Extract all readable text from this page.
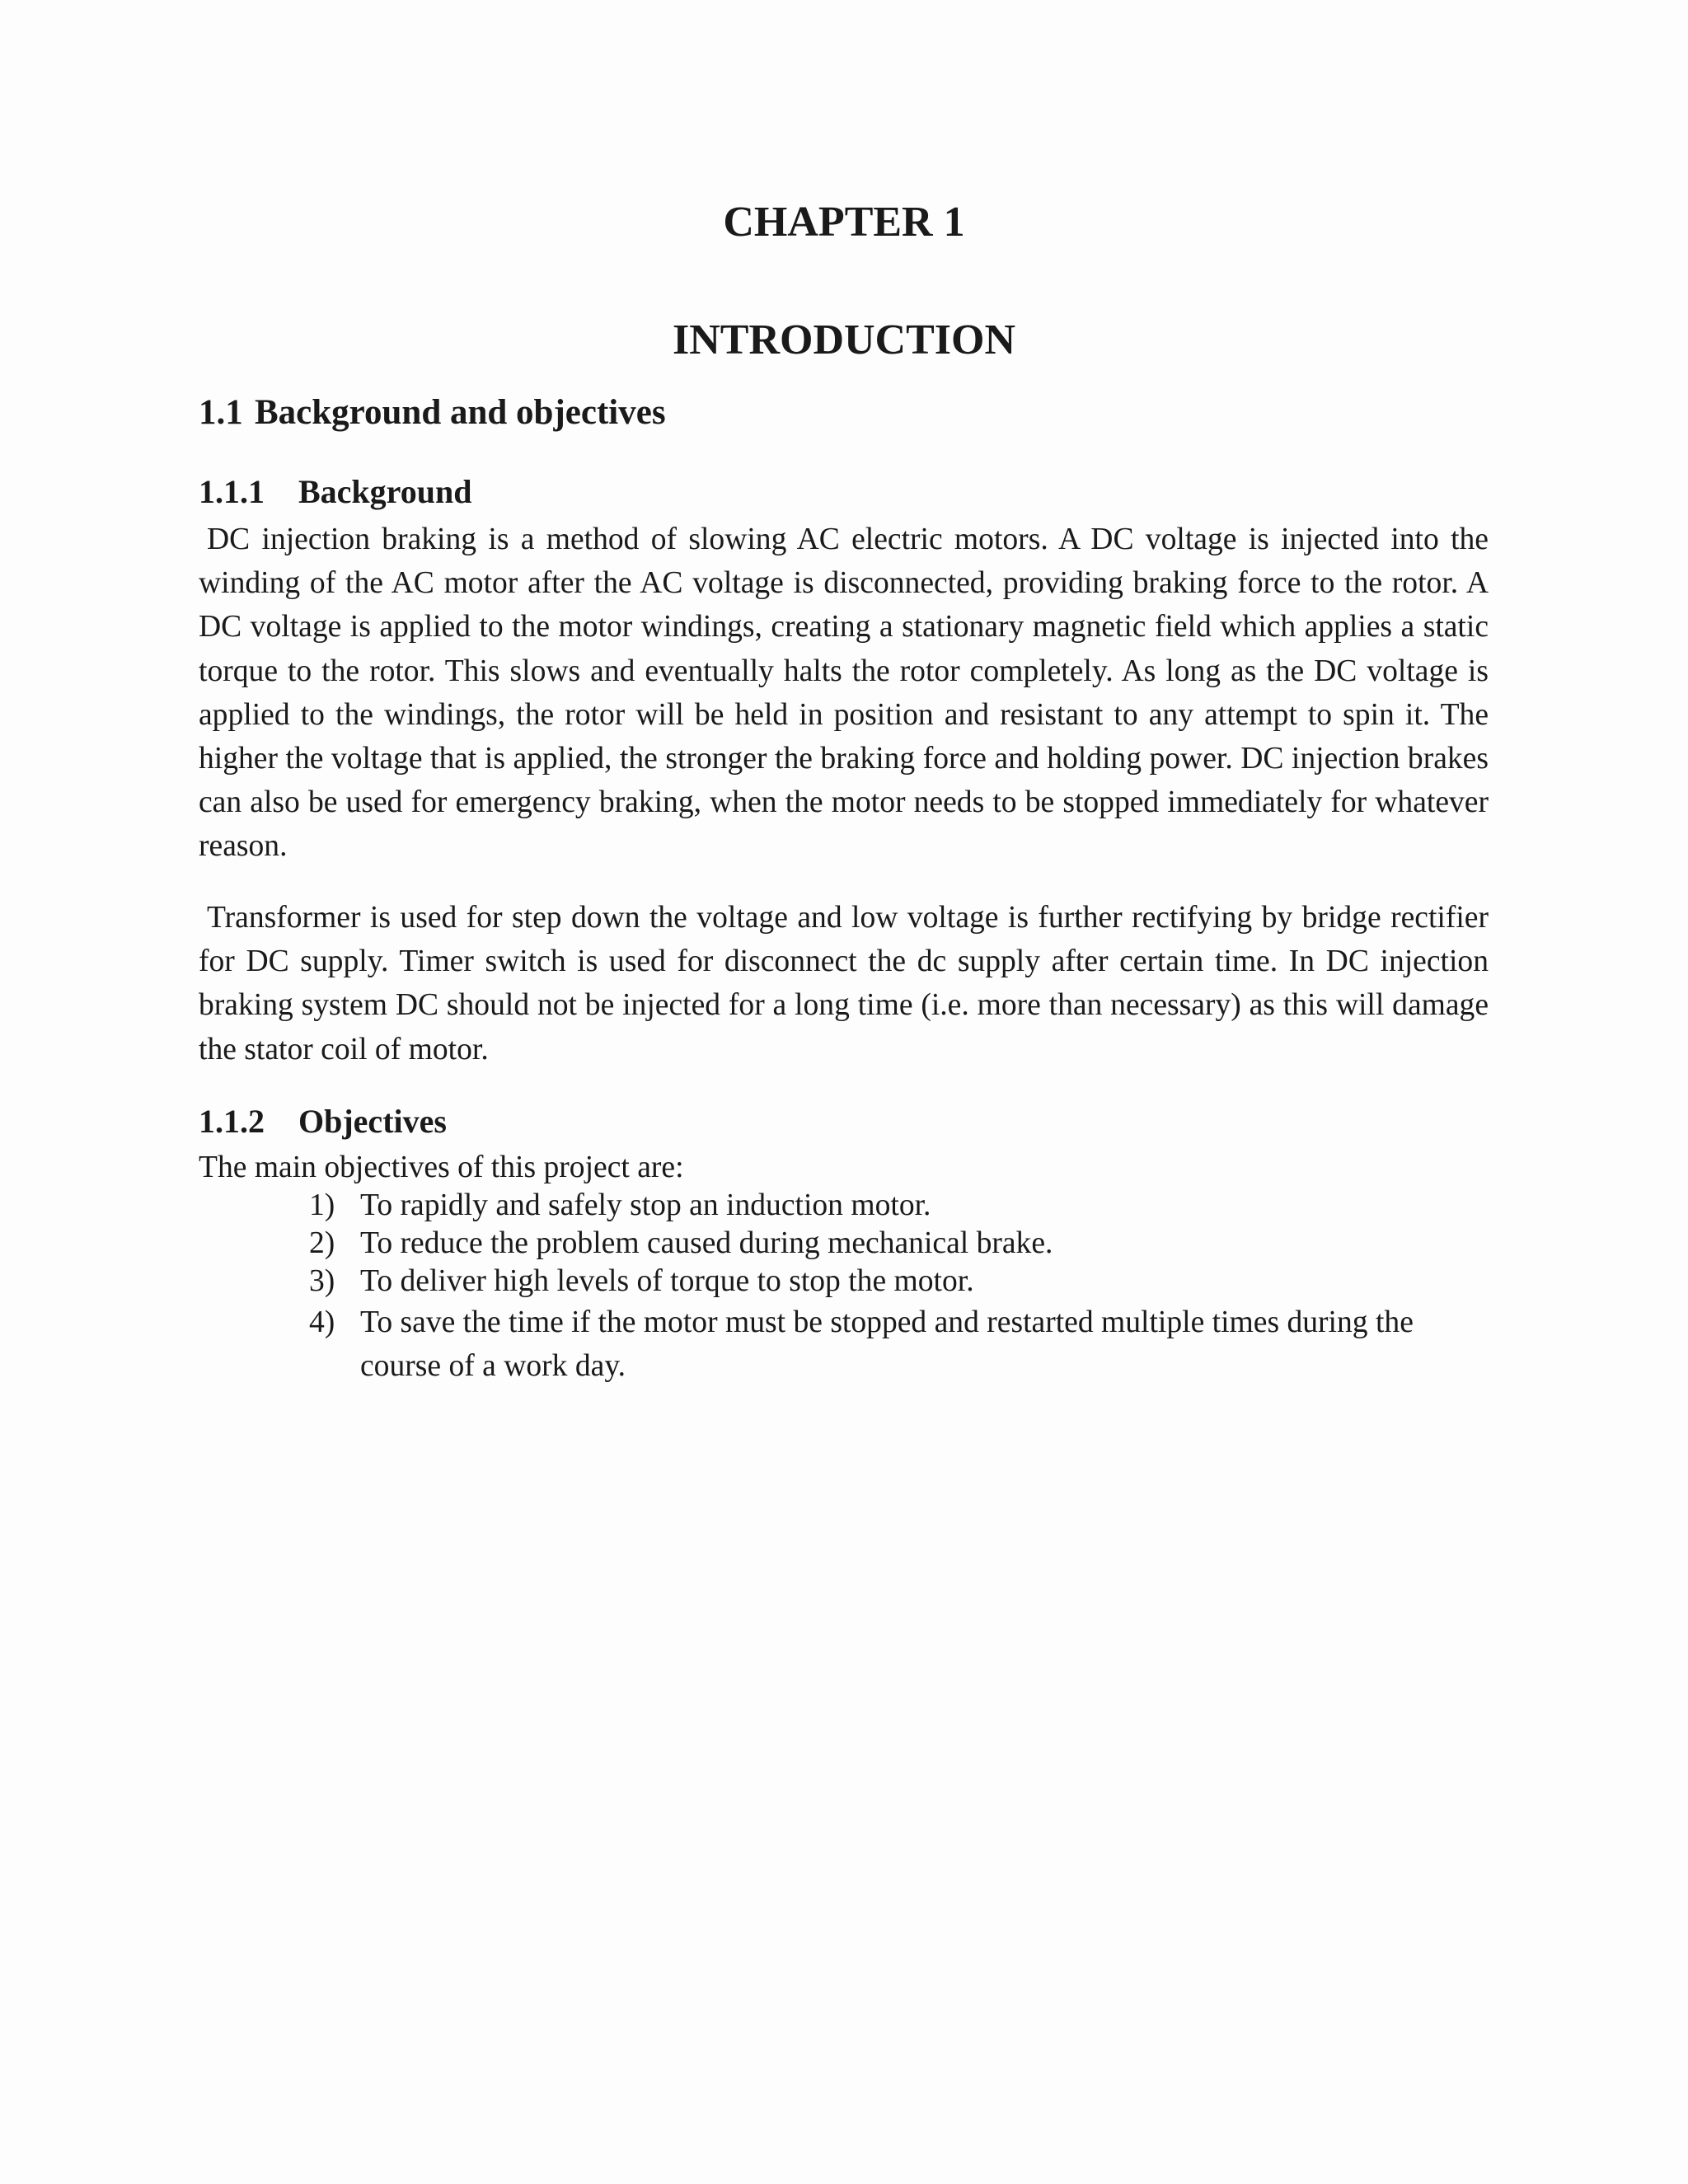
CHAPTER 1
INTRODUCTION
1.1 Background and objectives
1.1.1 Background

DC injection braking is a method of slowing AC electric motors. A DC voltage is injected into the winding of the AC motor after the AC voltage is disconnected, providing braking force to the rotor. A DC voltage is applied to the motor windings, creating a stationary magnetic field which applies a static torque to the rotor. This slows and eventually halts the rotor completely. As long as the DC voltage is applied to the windings, the rotor will be held in position and resistant to any attempt to spin it. The higher the voltage that is applied, the stronger the braking force and holding power. DC injection brakes can also be used for emergency braking, when the motor needs to be stopped immediately for whatever reason.

Transformer is used for step down the voltage and low voltage is further rectifying by bridge rectifier for DC supply. Timer switch is used for disconnect the dc supply after certain time. In DC injection braking system DC should not be injected for a long time (i.e. more than necessary) as this will damage the stator coil of motor.

1.1.2 Objectives

The main objectives of this project are:

1) To rapidly and safely stop an induction motor.
2) To reduce the problem caused during mechanical brake.
3) To deliver high levels of torque to stop the motor.
4) To save the time if the motor must be stopped and restarted multiple times during the course of a work day.
